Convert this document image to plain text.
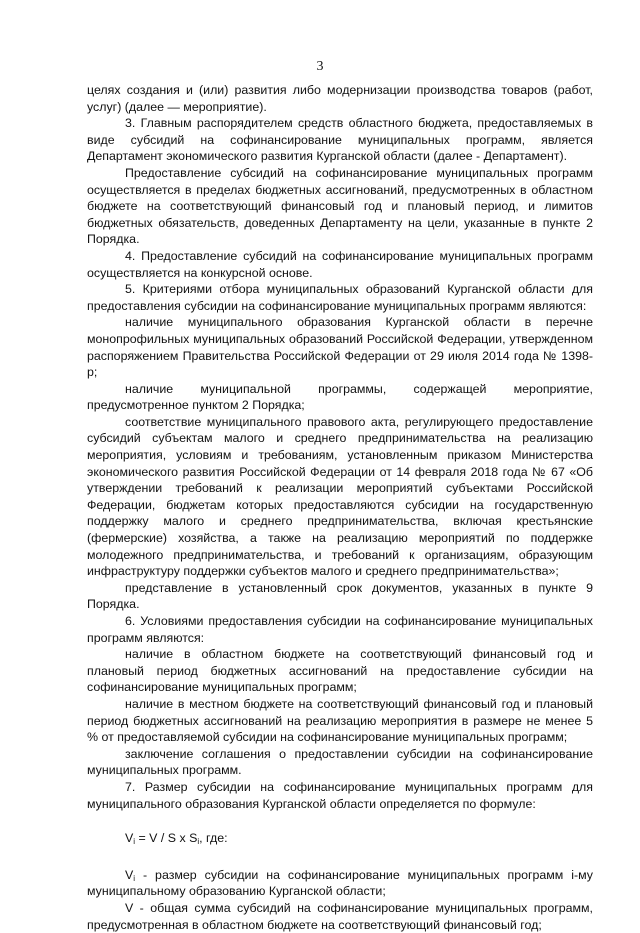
3

целях создания и (или) развития либо модернизации производства товаров (работ, услуг) (далее — мероприятие).

3. Главным распорядителем средств областного бюджета, предоставляемых в виде субсидий на софинансирование муниципальных программ, является Департамент экономического развития Курганской области (далее - Департамент).

Предоставление субсидий на софинансирование муниципальных программ осуществляется в пределах бюджетных ассигнований, предусмотренных в областном бюджете на соответствующий финансовый год и плановый период, и лимитов бюджетных обязательств, доведенных Департаменту на цели, указанные в пункте 2 Порядка.

4. Предоставление субсидий на софинансирование муниципальных программ осуществляется на конкурсной основе.

5. Критериями отбора муниципальных образований Курганской области для предоставления субсидии на софинансирование муниципальных программ являются:

наличие муниципального образования Курганской области в перечне монопрофильных муниципальных образований Российской Федерации, утвержденном распоряжением Правительства Российской Федерации от 29 июля 2014 года № 1398-р;

наличие муниципальной программы, содержащей мероприятие, предусмотренное пунктом 2 Порядка;

соответствие муниципального правового акта, регулирующего предоставление субсидий субъектам малого и среднего предпринимательства на реализацию мероприятия, условиям и требованиям, установленным приказом Министерства экономического развития Российской Федерации от 14 февраля 2018 года № 67 «Об утверждении требований к реализации мероприятий субъектами Российской Федерации, бюджетам которых предоставляются субсидии на государственную поддержку малого и среднего предпринимательства, включая крестьянские (фермерские) хозяйства, а также на реализацию мероприятий по поддержке молодежного предпринимательства, и требований к организациям, образующим инфраструктуру поддержки субъектов малого и среднего предпринимательства»;

представление в установленный срок документов, указанных в пункте 9 Порядка.

6. Условиями предоставления субсидии на софинансирование муниципальных программ являются:

наличие в областном бюджете на соответствующий финансовый год и плановый период бюджетных ассигнований на предоставление субсидии на софинансирование муниципальных программ;

наличие в местном бюджете на соответствующий финансовый год и плановый период бюджетных ассигнований на реализацию мероприятия в размере не менее 5 % от предоставляемой субсидии на софинансирование муниципальных программ;

заключение соглашения о предоставлении субсидии на софинансирование муниципальных программ.

7. Размер субсидии на софинансирование муниципальных программ для муниципального образования Курганской области определяется по формуле:

$V_i = V / S$ x $S_i$, где:

$V_i$ - размер субсидии на софинансирование муниципальных программ i-му муниципальному образованию Курганской области;

V - общая сумма субсидий на софинансирование муниципальных программ, предусмотренная в областном бюджете на соответствующий финансовый год;
